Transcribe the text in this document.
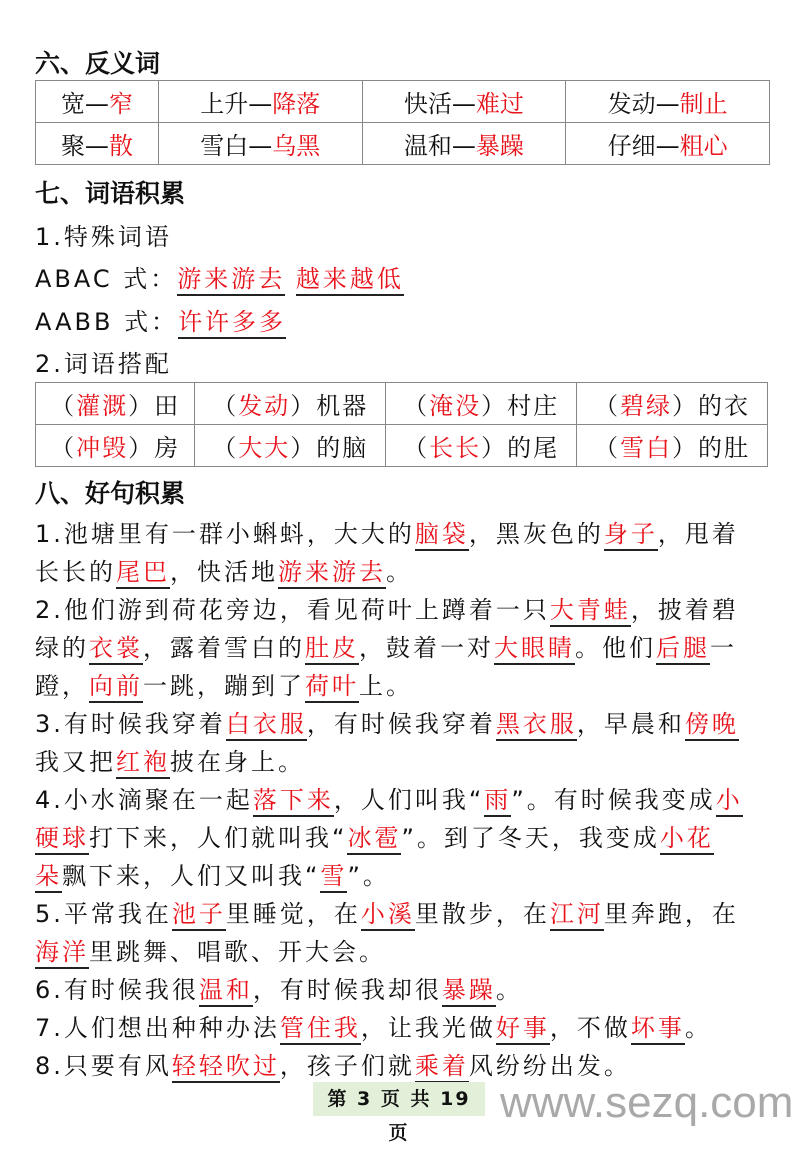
六、反义词
宽—窄	上升—降落	快活—难过	发动—制止
聚—散	雪白—乌黑	温和—暴躁	仔细—粗心
七、词语积累
1.特殊词语
ABAC 式：游来游去 越来越低
AABB 式：许许多多
2.词语搭配
（灌溉）田	（发动）机器	（淹没）村庄	（碧绿）的衣
（冲毁）房	（大大）的脑	（长长）的尾	（雪白）的肚
八、好句积累
1.池塘里有一群小蝌蚪，大大的脑袋，黑灰色的身子，甩着
长长的尾巴，快活地游来游去。
2.他们游到荷花旁边，看见荷叶上蹲着一只大青蛙，披着碧
绿的衣裳，露着雪白的肚皮，鼓着一对大眼睛。他们后腿一
蹬，向前一跳，蹦到了荷叶上。
3.有时候我穿着白衣服，有时候我穿着黑衣服，早晨和傍晚
我又把红袍披在身上。
4.小水滴聚在一起落下来，人们叫我“雨”。有时候我变成小
硬球打下来，人们就叫我“冰雹”。到了冬天，我变成小花
朵飘下来，人们又叫我“雪”。
5.平常我在池子里睡觉，在小溪里散步，在江河里奔跑，在
海洋里跳舞、唱歌、开大会。
6.有时候我很温和，有时候我却很暴躁。
7.人们想出种种办法管住我，让我光做好事，不做坏事。
8.只要有风轻轻吹过，孩子们就乘着风纷纷出发。
www.sezq.com
第 3 页 共 19 页
